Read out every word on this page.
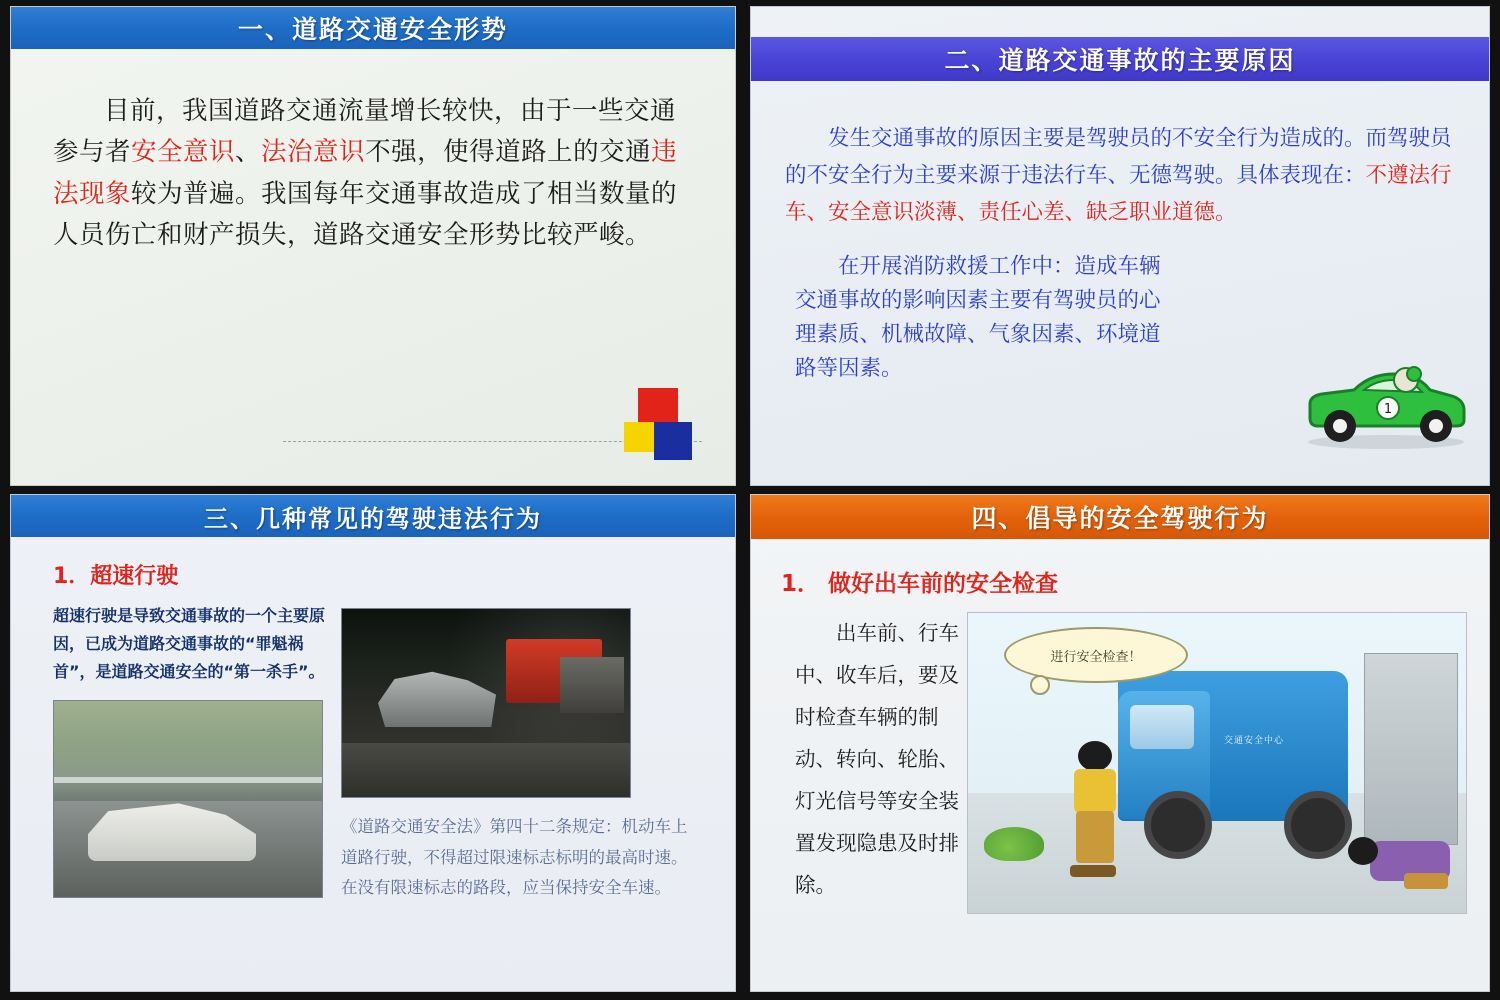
一、道路交通安全形势
目前，我国道路交通流量增长较快，由于一些交通参与者安全意识、法治意识不强，使得道路上的交通违法现象较为普遍。我国每年交通事故造成了相当数量的人员伤亡和财产损失，道路交通安全形势比较严峻。
二、道路交通事故的主要原因
发生交通事故的原因主要是驾驶员的不安全行为造成的。而驾驶员的不安全行为主要来源于违法行车、无德驾驶。具体表现在：不遵法行车、安全意识淡薄、责任心差、缺乏职业道德。
在开展消防救援工作中：造成车辆交通事故的影响因素主要有驾驶员的心理素质、机械故障、气象因素、环境道路等因素。
1
三、几种常见的驾驶违法行为
1．超速行驶
超速行驶是导致交通事故的一个主要原因，已成为道路交通事故的“罪魁祸首”，是道路交通安全的“第一杀手”。
《道路交通安全法》第四十二条规定：机动车上道路行驶，不得超过限速标志标明的最高时速。在没有限速标志的路段，应当保持安全车速。
四、倡导的安全驾驶行为
1． 做好出车前的安全检查
出车前、行车中、收车后，要及时检查车辆的制动、转向、轮胎、灯光信号等安全装置发现隐患及时排除。
交通安全中心
进行安全检查！
